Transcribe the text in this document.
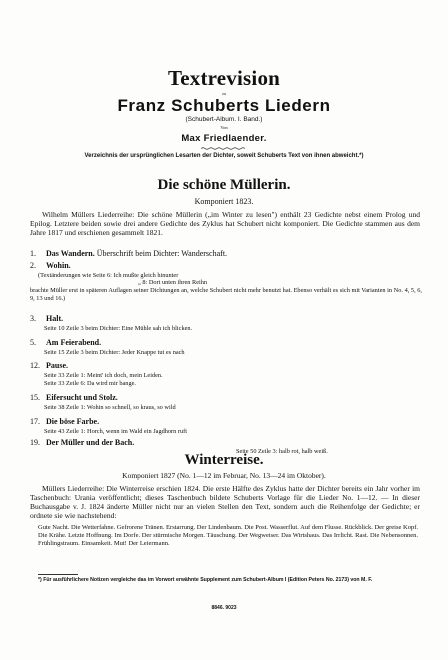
Textrevision
zu
Franz Schuberts Liedern
(Schubert-Album. I. Band.)
Von
Max Friedlaender.
Verzeichnis der ursprünglichen Lesarten der Dichter, soweit Schuberts Text von ihnen abweicht.*)
Die schöne Müllerin.
Komponiert 1823.
Wilhelm Müllers Liederreihe: Die schöne Müllerin („im Winter zu lesen") enthält 23 Gedichte nebst einem Prolog und Epilog. Letztere beiden sowie drei andere Gedichte des Zyklus hat Schubert nicht komponiert. Die Gedichte stammen aus dem Jahre 1817 und erschienen gesammelt 1821.
1. Das Wandern. Überschrift beim Dichter: Wanderschaft.
2. Wohin.
(Textänderungen wie Seite 6: Ich mußte gleich hinunter
„ 8: Dort unten ihren Reihn
brachte Müller erst in späteren Auflagen seiner Dichtungen an, welche Schubert nicht mehr benutzt hat. Ebenso verhält es sich mit Varianten in No. 4, 5, 6, 9, 13 und 16.)
3. Halt.
Seite 10 Zeile 3 beim Dichter: Eine Mühle sah ich blicken.
5. Am Feierabend.
Seite 15 Zeile 3 beim Dichter: Jeder Knappe tut es nach
12. Pause.
Seite 33 Zeile 1: Meint' ich doch, mein Leiden.
Seite 33 Zeile 6: Da wird mir bange.
15. Eifersucht und Stolz.
Seite 38 Zeile 1: Wohin so schnell, so kraus, so wild
17. Die böse Farbe.
Seite 43 Zeile 1: Horch, wenn im Wald ein Jagdhorn ruft
19. Der Müller und der Bach.
Seite 50 Zeile 3: halb rot, halb weiß.
Winterreise.
Komponiert 1827 (No. 1—12 im Februar, No. 13—24 im Oktober).
Müllers Liederreihe: Die Winterreise erschien 1824. Die erste Hälfte des Zyklus hatte der Dichter bereits ein Jahr vorher im Taschenbuch: Urania veröffentlicht; dieses Taschenbuch bildete Schuberts Vorlage für die Lieder No. 1—12. — In dieser Buchausgabe v. J. 1824 änderte Müller nicht nur an vielen Stellen den Text, sondern auch die Reihenfolge der Gedichte; er ordnete sie wie nachstehend:
Gute Nacht. Die Wetterfahne. Gefrorene Tränen. Erstarrung. Der Lindenbaum. Die Post. Wasserflut. Auf dem Flusse. Rückblick. Der greise Kopf. Die Krähe. Letzte Hoffnung. Im Dorfe. Der stürmische Morgen. Täuschung. Der Wegweiser. Das Wirtshaus. Das Irrlicht. Rast. Die Nebensonnen. Frühlingstraum. Einsamkeit. Mut! Der Leiermann.
*) Für ausführlichere Notizen vergleiche das im Vorwort erwähnte Supplement zum Schubert-Album I (Edition Peters No. 2173) von M. F.
8846. 9023
